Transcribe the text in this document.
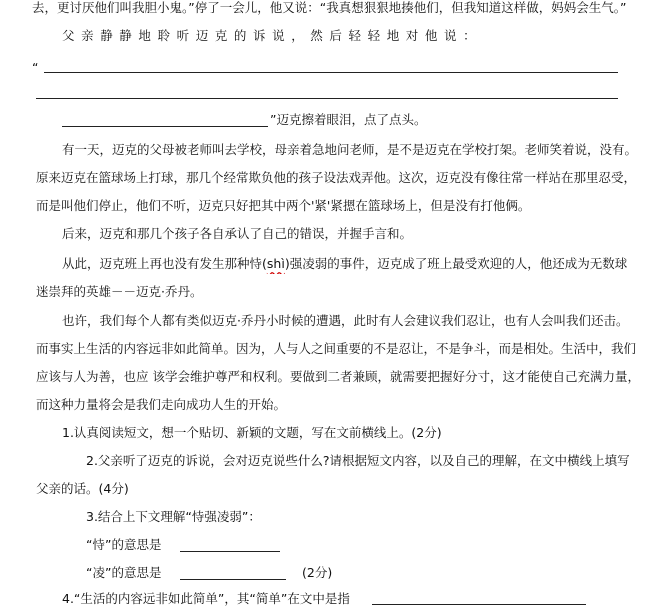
去，更讨厌他们叫我胆小鬼。”停了一会儿，他又说：“我真想狠狠地揍他们，但我知道这样做，妈妈会生气。”
父亲静静地聆听迈克的诉说，然后轻轻地对他说：
“
”迈克擦着眼泪，点了点头。
有一天，迈克的父母被老师叫去学校，母亲着急地问老师，是不是迈克在学校打架。老师笑着说，没有。
原来迈克在篮球场上打球，那几个经常欺负他的孩子设法戏弄他。这次，迈克没有像往常一样站在那里忍受，
而是叫他们停止，他们不听，迈克只好把其中两个'紧'紧摁在篮球场上，但是没有打他俩。
后来，迈克和那几个孩子各自承认了自己的错误，并握手言和。
从此，迈克班上再也没有发生那种恃(shì)强凌弱的事件，迈克成了班上最受欢迎的人，他还成为无数球
迷崇拜的英雄－－迈克·乔丹。
也许，我们每个人都有类似迈克·乔丹小时候的遭遇，此时有人会建议我们忍让，也有人会叫我们还击。
而事实上生活的内容远非如此简单。因为，人与人之间重要的不是忍让，不是争斗，而是相处。生活中，我们
应该与人为善，也应 该学会维护尊严和权利。要做到二者兼顾，就需要把握好分寸，这才能使自己充满力量，
而这种力量将会是我们走向成功人生的开始。
1.认真阅读短文，想一个贴切、新颖的文题，写在文前横线上。(2分)
2.父亲听了迈克的诉说，会对迈克说些什么?请根据短文内容，以及自己的理解，在文中横线上填写
父亲的话。(4分)
3.结合上下文理解“恃强凌弱”：
“恃”的意思是
“凌”的意思是	(2分)
4.“生活的内容远非如此简单”，其“简单”在文中是指
